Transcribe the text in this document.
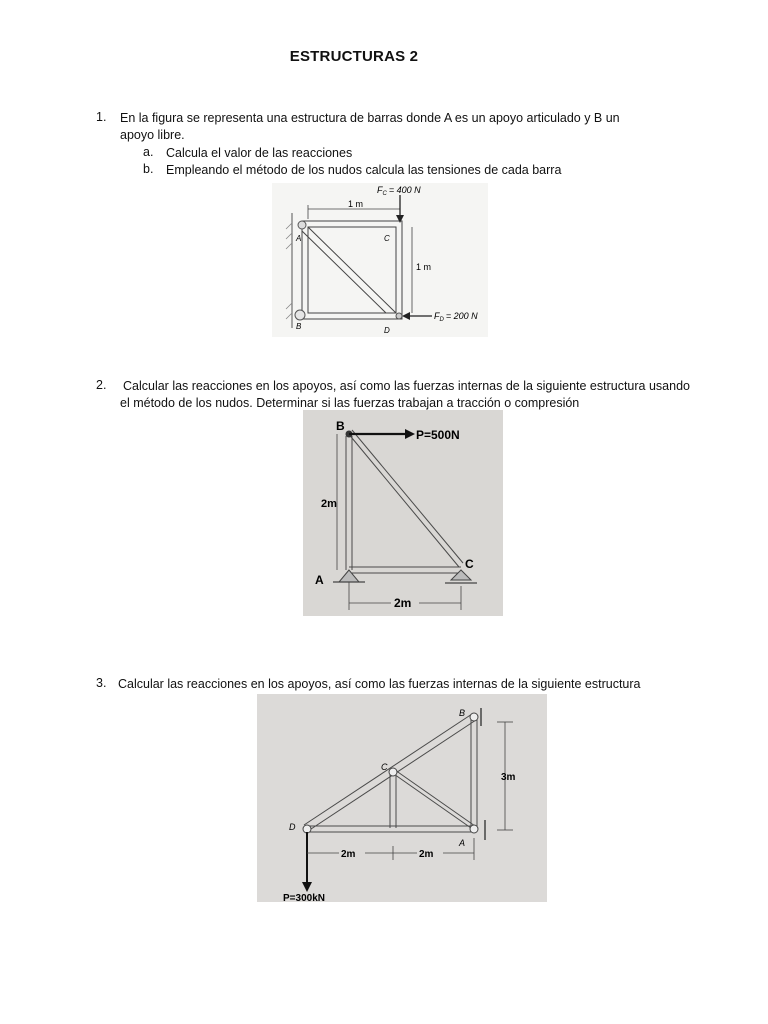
ESTRUCTURAS 2
1. En la figura se representa una estructura de barras donde A es un apoyo articulado y B un
apoyo libre.
a. Calcula el valor de las reacciones
b. Empleando el método de los nudos calcula las tensiones de cada barra
1 m
1 m
$F_C = 400$ N
$F_D = 200$ N
A
B
C
D
2. Calcular las reacciones en los apoyos, así como las fuerzas internas de la siguiente estructura usando
el método de los nudos. Determinar si las fuerzas trabajan a tracción o compresión
P=500N
2m
2m
B
A
C
3. Calcular las reacciones en los apoyos, así como las fuerzas internas de la siguiente estructura
P=300kN
3m
2m	2m
B
C
D
A
